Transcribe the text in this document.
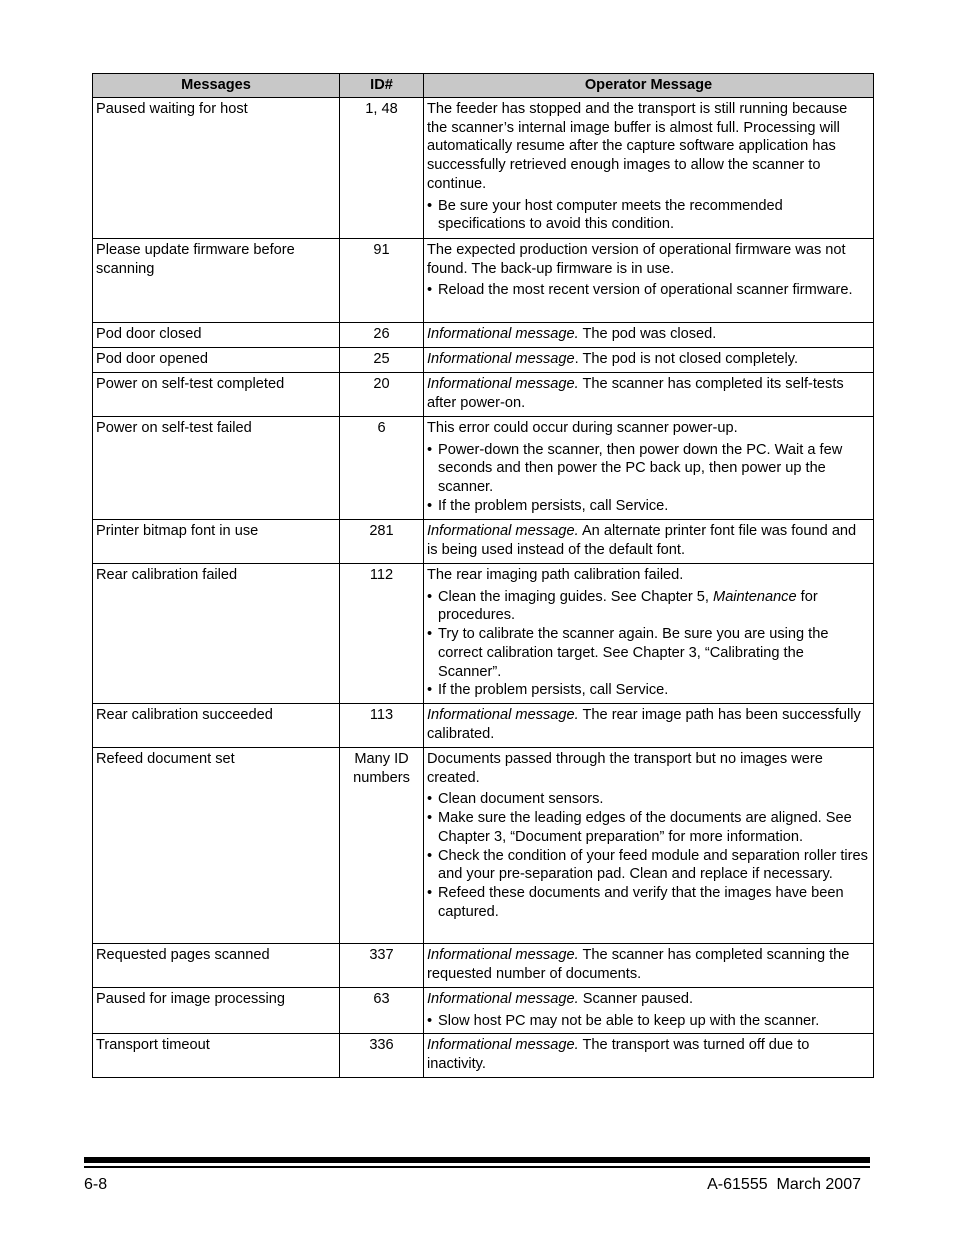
Messages	ID#	Operator Message
Paused waiting for host	1, 48	The feeder has stopped and the transport is still running because the scanner’s internal image buffer is almost full. Processing will automatically resume after the capture software application has successfully retrieved enough images to allow the scanner to continue.

• Be sure your host computer meets the recommended specifications to avoid this condition.

Please update firmware before scanning	91	The expected production version of operational firmware was not found. The back-up firmware is in use.

• Reload the most recent version of operational scanner firmware.

Pod door closed	26	Informational message. The pod was closed.

Pod door opened	25	Informational message. The pod is not closed completely.

Power on self-test completed	20	Informational message. The scanner has completed its self-tests after power-on.

Power on self-test failed	6	This error could occur during scanner power-up.

• Power-down the scanner, then power down the PC. Wait a few seconds and then power the PC back up, then power up the scanner.

• If the problem persists, call Service.

Printer bitmap font in use	281	Informational message. An alternate printer font file was found and is being used instead of the default font.

Rear calibration failed	112	The rear imaging path calibration failed.

• Clean the imaging guides. See Chapter 5, Maintenance for procedures.

• Try to calibrate the scanner again. Be sure you are using the correct calibration target. See Chapter 3, “Calibrating the Scanner”.

• If the problem persists, call Service.

Rear calibration succeeded	113	Informational message. The rear image path has been successfully calibrated.

Refeed document set	Many ID numbers	Documents passed through the transport but no images were created.

• Clean document sensors.

• Make sure the leading edges of the documents are aligned. See Chapter 3, “Document preparation” for more information.

• Check the condition of your feed module and separation roller tires and your pre-separation pad. Clean and replace if necessary.

• Refeed these documents and verify that the images have been captured.

Requested pages scanned	337	Informational message. The scanner has completed scanning the requested number of documents.

Paused for image processing	63	Informational message. Scanner paused.

• Slow host PC may not be able to keep up with the scanner.

Transport timeout	336	Informational message. The transport was turned off due to inactivity.

6-8	A-61555  March 2007
